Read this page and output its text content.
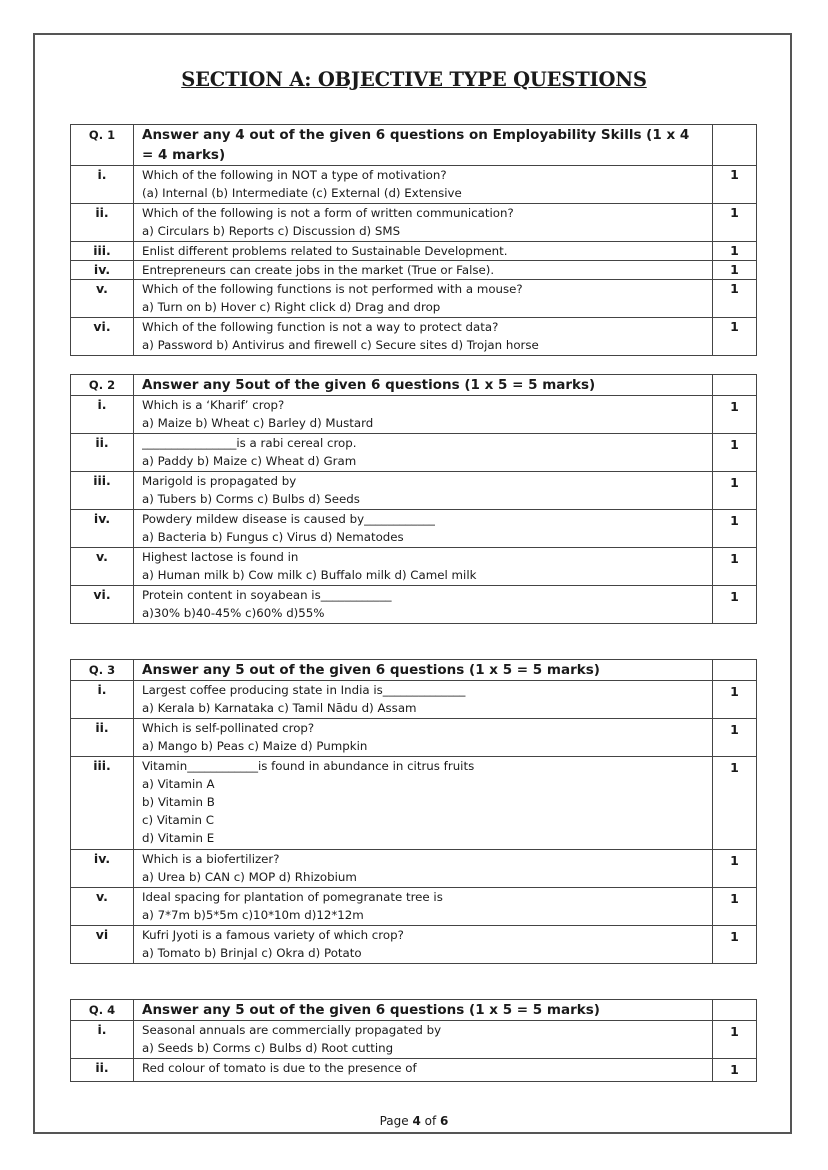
SECTION A: OBJECTIVE TYPE QUESTIONS
Q. 1	Answer any 4 out of the given 6 questions on Employability Skills (1 x 4 = 4 marks)	
i.	Which of the following in NOT a type of motivation?
(a) Internal (b) Intermediate (c) External (d) Extensive	1
ii.	Which of the following is not a form of written communication?
a) Circulars b) Reports c) Discussion d) SMS	1
iii.	Enlist different problems related to Sustainable Development.	1
iv.	Entrepreneurs can create jobs in the market (True or False).	1
v.	Which of the following functions is not performed with a mouse?
a) Turn on b) Hover c) Right click d) Drag and drop	1
vi.	Which of the following function is not a way to protect data?
a) Password b) Antivirus and firewell c) Secure sites d) Trojan horse	1
Q. 2	Answer any 5out of the given 6 questions (1 x 5 = 5 marks)	
i.	Which is a ‘Kharif’ crop?
a) Maize b) Wheat c) Barley d) Mustard	1
ii.	________________is a rabi cereal crop.
a) Paddy b) Maize c) Wheat d) Gram	1
iii.	Marigold is propagated by
a) Tubers b) Corms c) Bulbs d) Seeds	1
iv.	Powdery mildew disease is caused by____________
a) Bacteria b) Fungus c) Virus d) Nematodes	1
v.	Highest lactose is found in
a) Human milk b) Cow milk c) Buffalo milk d) Camel milk	1
vi.	Protein content in soyabean is____________
a)30% b)40-45% c)60% d)55%	1
Q. 3	Answer any 5 out of the given 6 questions (1 x 5 = 5 marks)	
i.	Largest coffee producing state in India is______________
a) Kerala b) Karnataka c) Tamil Nādu d) Assam	1
ii.	Which is self-pollinated crop?
a) Mango b) Peas c) Maize d) Pumpkin	1
iii.	Vitamin____________is found in abundance in citrus fruits
a) Vitamin A
b) Vitamin B
c) Vitamin C
d) Vitamin E	1
iv.	Which is a biofertilizer?
a) Urea b) CAN c) MOP d) Rhizobium	1
v.	Ideal spacing for plantation of pomegranate tree is
a) 7*7m b)5*5m c)10*10m d)12*12m	1
vi	Kufri Jyoti is a famous variety of which crop?
a) Tomato b) Brinjal c) Okra d) Potato	1
Q. 4	Answer any 5 out of the given 6 questions (1 x 5 = 5 marks)	
i.	Seasonal annuals are commercially propagated by
a) Seeds b) Corms c) Bulbs d) Root cutting	1
ii.	Red colour of tomato is due to the presence of	1
Page 4 of 6
